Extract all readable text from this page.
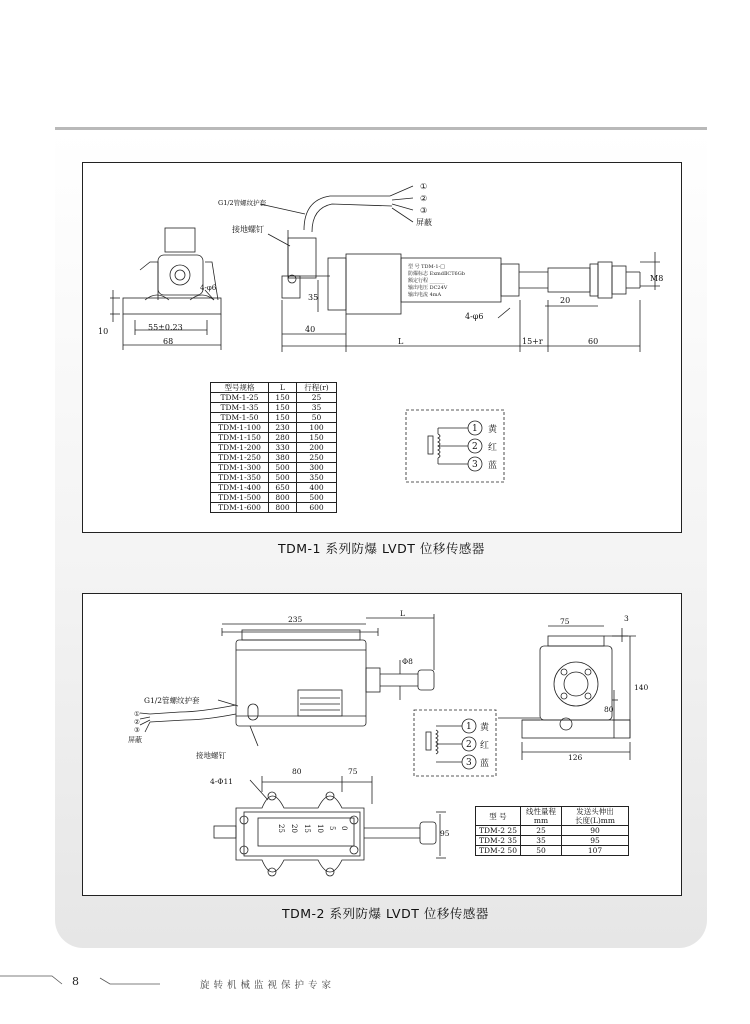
型 号 TDM-1-□
防爆标志 ExmdⅡCT6Gb
额定行程 ______
输出电压 DC24V
输出电流 4mA
G1/2管螺纹护套
接地螺钉
①
②
③
屏蔽
4-φ6
4-φ6
M8
10	55±0.23
68
35
40
L	15+r	60
20
1
2
3
黄
红
蓝
型号规格	L	行程(r)
TDM-1-25	150	25
TDM-1-35	150	35
TDM-1-50	150	50
TDM-1-100	230	100
TDM-1-150	280	150
TDM-1-200	330	200
TDM-1-250	380	250
TDM-1-300	500	300
TDM-1-350	500	350
TDM-1-400	650	400
TDM-1-500	800	500
TDM-1-600	800	600
TDM-1 系列防爆 LVDT 位移传感器
235
L
Φ8
75	3
140
80
126
80	75
95
4-Φ11
G1/2管螺纹护套
接地螺钉
①
②
③
屏蔽
0
5
10
15
20
25
1
2
3
黄
红
蓝
型 号	线性量程
mm	发送头伸出
长度(L)mm
TDM-2 25	25	90
TDM-2 35	35	95
TDM-2 50	50	107
TDM-2 系列防爆 LVDT 位移传感器
8	旋转机械监视保护专家
